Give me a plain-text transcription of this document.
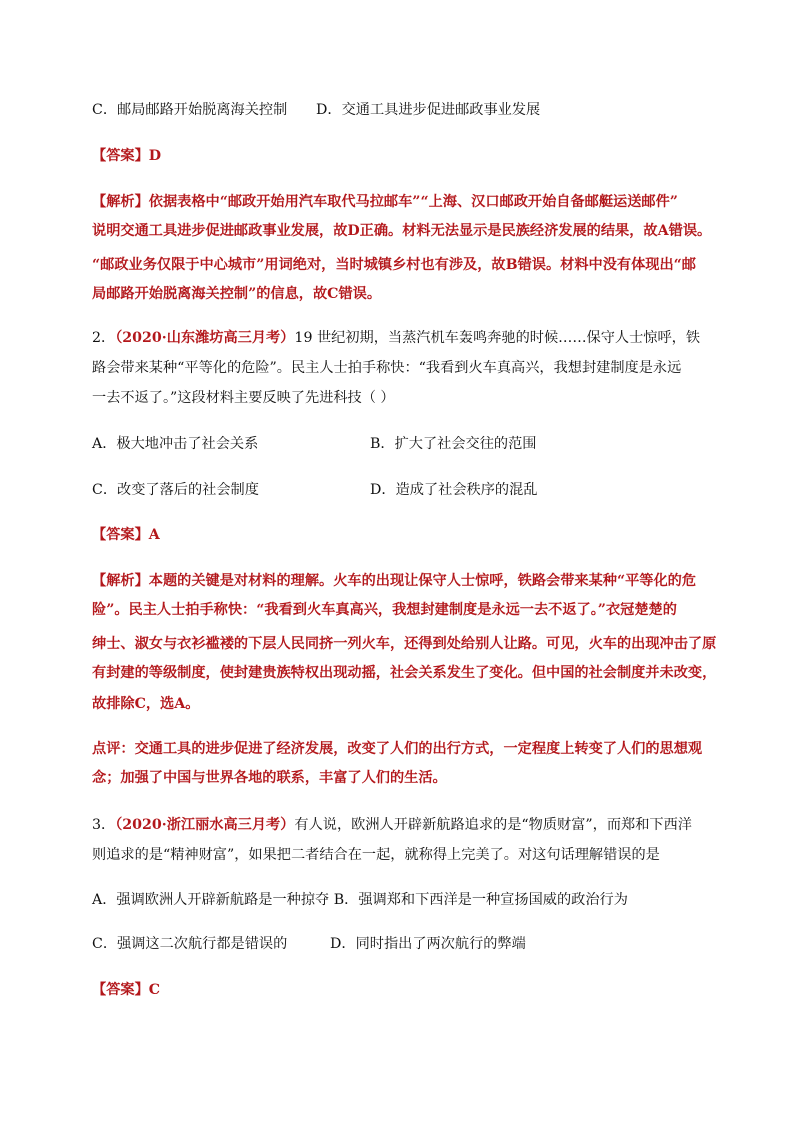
C．邮局邮路开始脱离海关控制 D．交通工具进步促进邮政事业发展
【答案】D
【解析】依据表格中“邮政开始用汽车取代马拉邮车”“上海、汉口邮政开始自备邮艇运送邮件”
说明交通工具进步促进邮政事业发展，故D正确。材料无法显示是民族经济发展的结果，故A错误。
“邮政业务仅限于中心城市”用词绝对，当时城镇乡村也有涉及，故B错误。材料中没有体现出“邮
局邮路开始脱离海关控制”的信息，故C错误。
2．（2020·山东潍坊高三月考）19 世纪初期，当蒸汽机车轰鸣奔驰的时候……保守人士惊呼，铁
路会带来某种“平等化的危险”。民主人士拍手称快：“我看到火车真高兴，我想封建制度是永远
一去不返了。”这段材料主要反映了先进科技（ ）
A．极大地冲击了社会关系	B．扩大了社会交往的范围
C．改变了落后的社会制度	D．造成了社会秩序的混乱
【答案】A
【解析】本题的关键是对材料的理解。火车的出现让保守人士惊呼，铁路会带来某种“平等化的危
险”。民主人士拍手称快：“我看到火车真高兴，我想封建制度是永远一去不返了。”衣冠楚楚的
绅士、淑女与衣衫褴褛的下层人民同挤一列火车，还得到处给别人让路。可见，火车的出现冲击了原
有封建的等级制度，使封建贵族特权出现动摇，社会关系发生了变化。但中国的社会制度并未改变，
故排除C，选A。
点评：交通工具的进步促进了经济发展，改变了人们的出行方式，一定程度上转变了人们的思想观
念；加强了中国与世界各地的联系，丰富了人们的生活。
3．（2020·浙江丽水高三月考）有人说，欧洲人开辟新航路追求的是“物质财富”，而郑和下西洋
则追求的是“精神财富”，如果把二者结合在一起，就称得上完美了。对这句话理解错误的是
A．强调欧洲人开辟新航路是一种掠夺 B．强调郑和下西洋是一种宣扬国威的政治行为
C．强调这二次航行都是错误的	D．同时指出了两次航行的弊端
【答案】C
